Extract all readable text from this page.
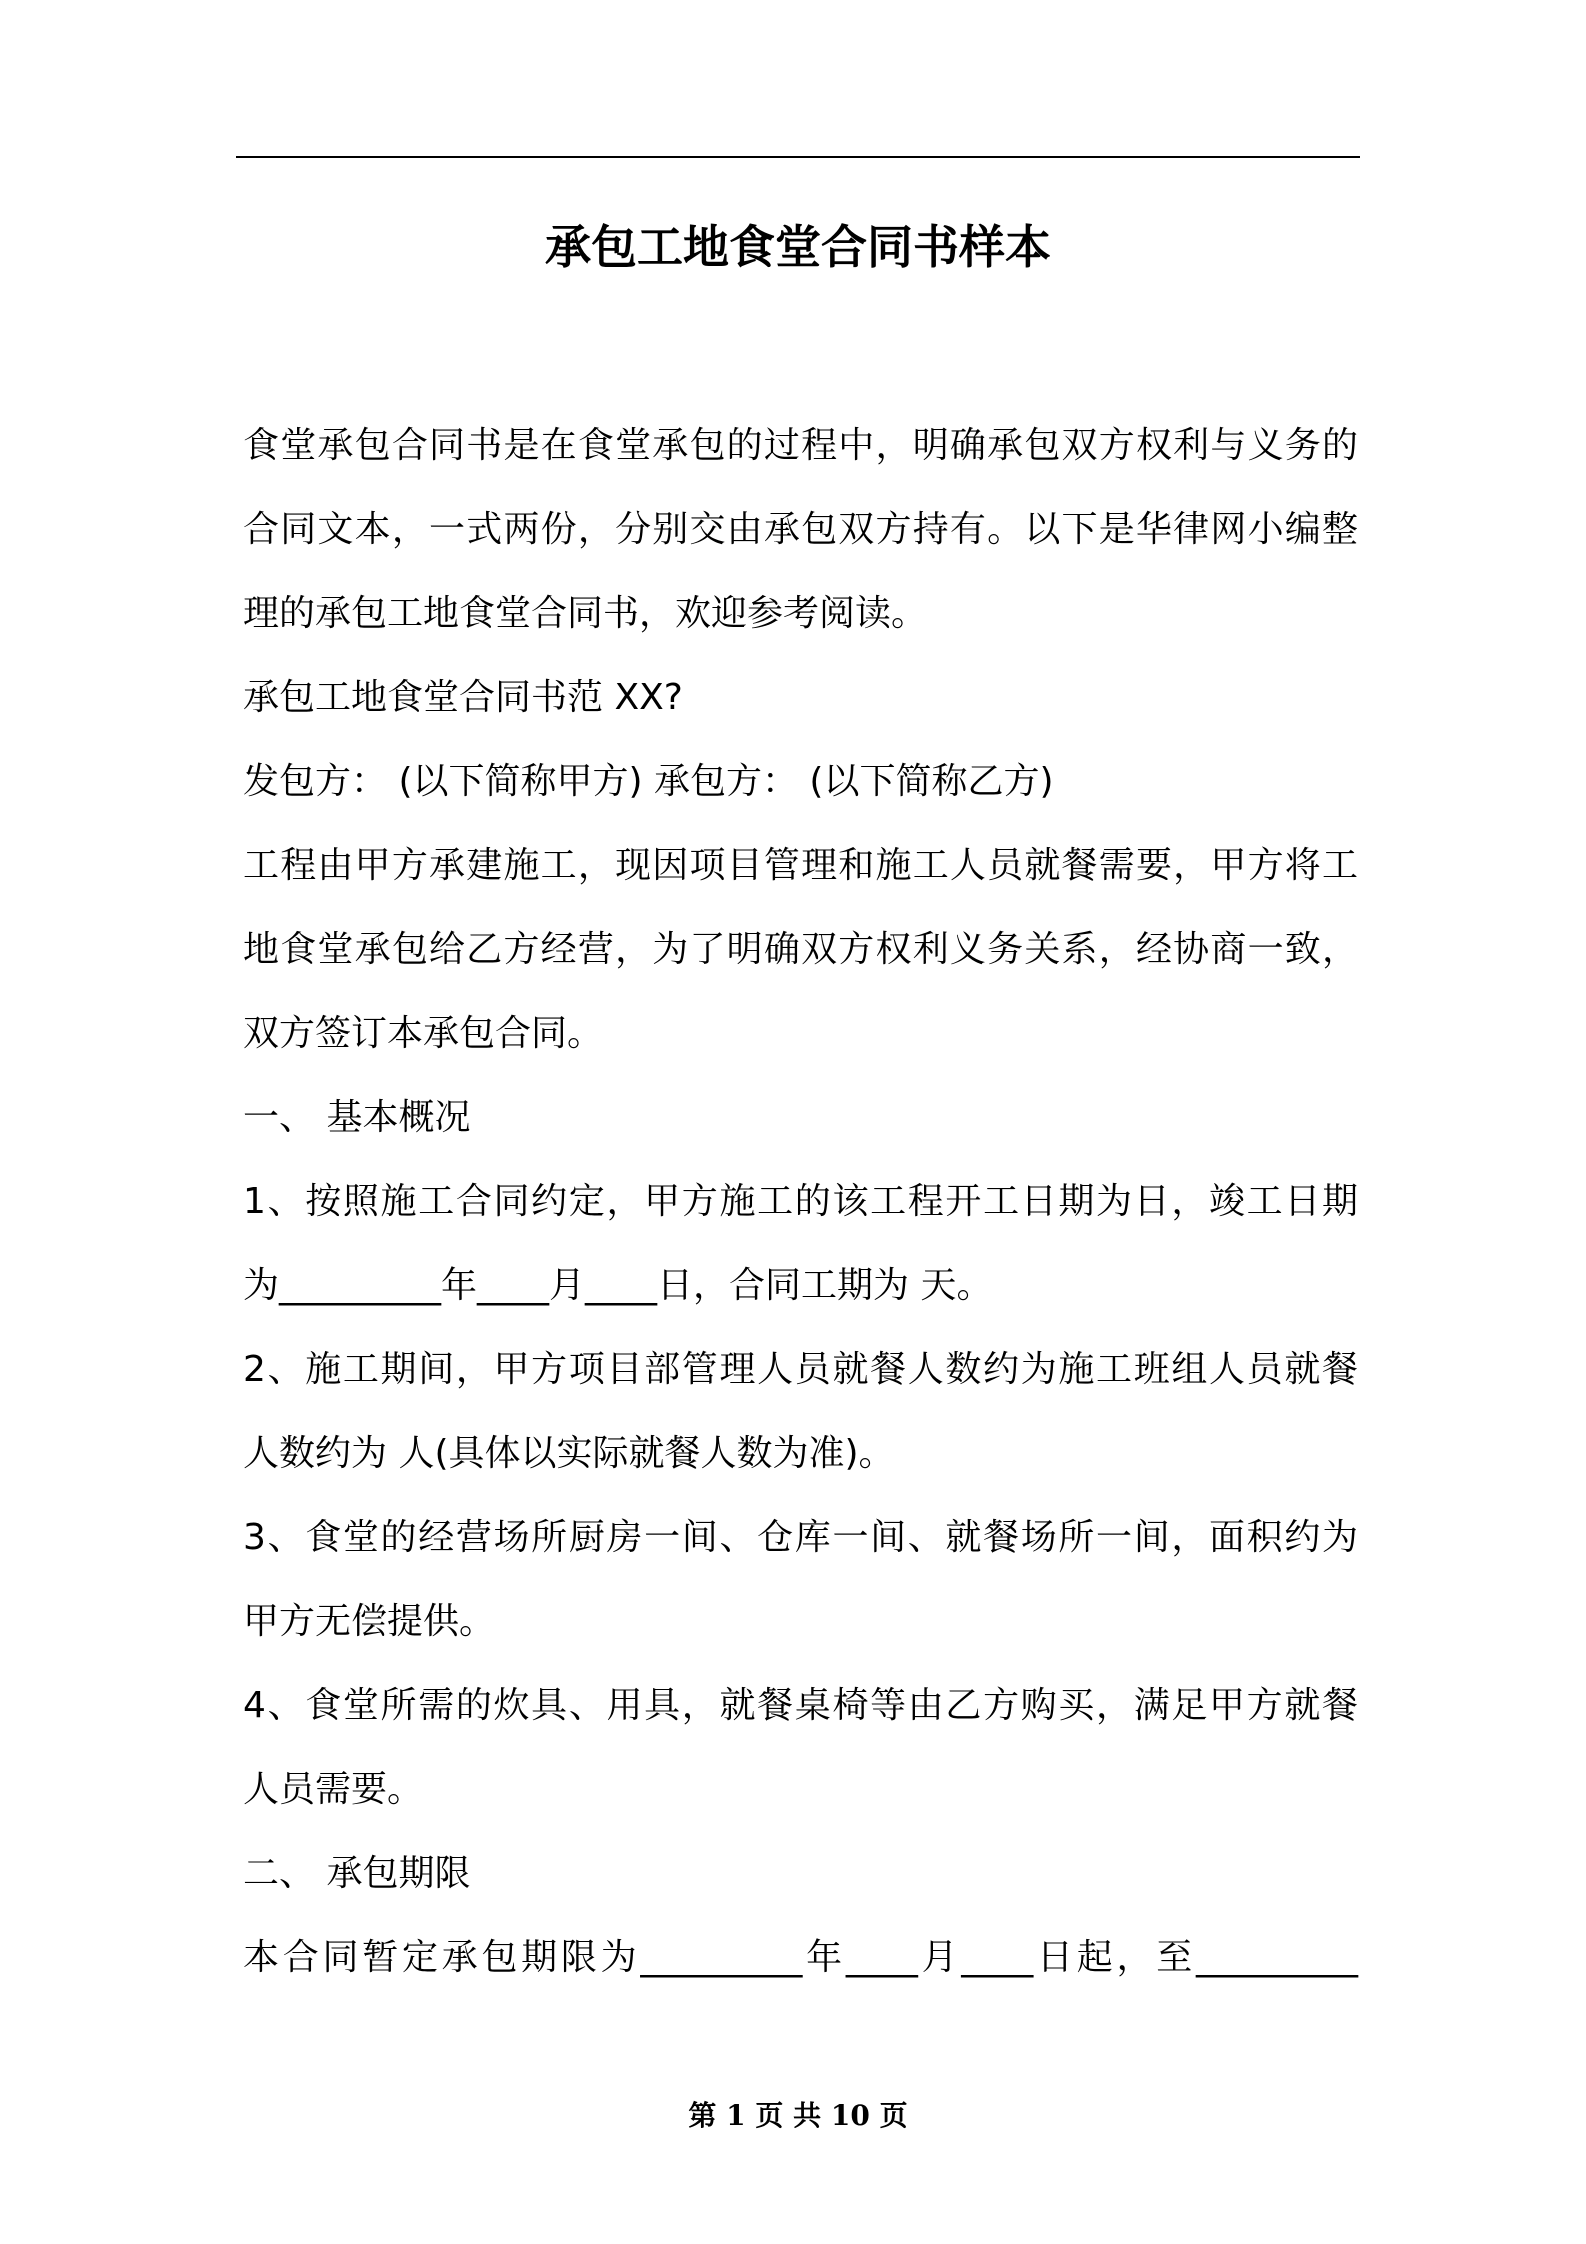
承包工地食堂合同书样本
食堂承包合同书是在食堂承包的过程中，明确承包双方权利与义务的
合同文本，一式两份，分别交由承包双方持有。以下是华律网小编整
理的承包工地食堂合同书，欢迎参考阅读。
承包工地食堂合同书范 XX?
发包方： (以下简称甲方) 承包方： (以下简称乙方)
工程由甲方承建施工，现因项目管理和施工人员就餐需要，甲方将工
地食堂承包给乙方经营，为了明确双方权利义务关系，经协商一致，
双方签订本承包合同。
一、 基本概况
1、按照施工合同约定，甲方施工的该工程开工日期为日，竣工日期
为_________年____月____日，合同工期为 天。
2、施工期间，甲方项目部管理人员就餐人数约为施工班组人员就餐
人数约为 人(具体以实际就餐人数为准)。
3、食堂的经营场所厨房一间、仓库一间、就餐场所一间，面积约为
甲方无偿提供。
4、食堂所需的炊具、用具，就餐桌椅等由乙方购买，满足甲方就餐
人员需要。
二、 承包期限
本合同暂定承包期限为_________年____月____日起，至_________
第 1 页 共 10 页
